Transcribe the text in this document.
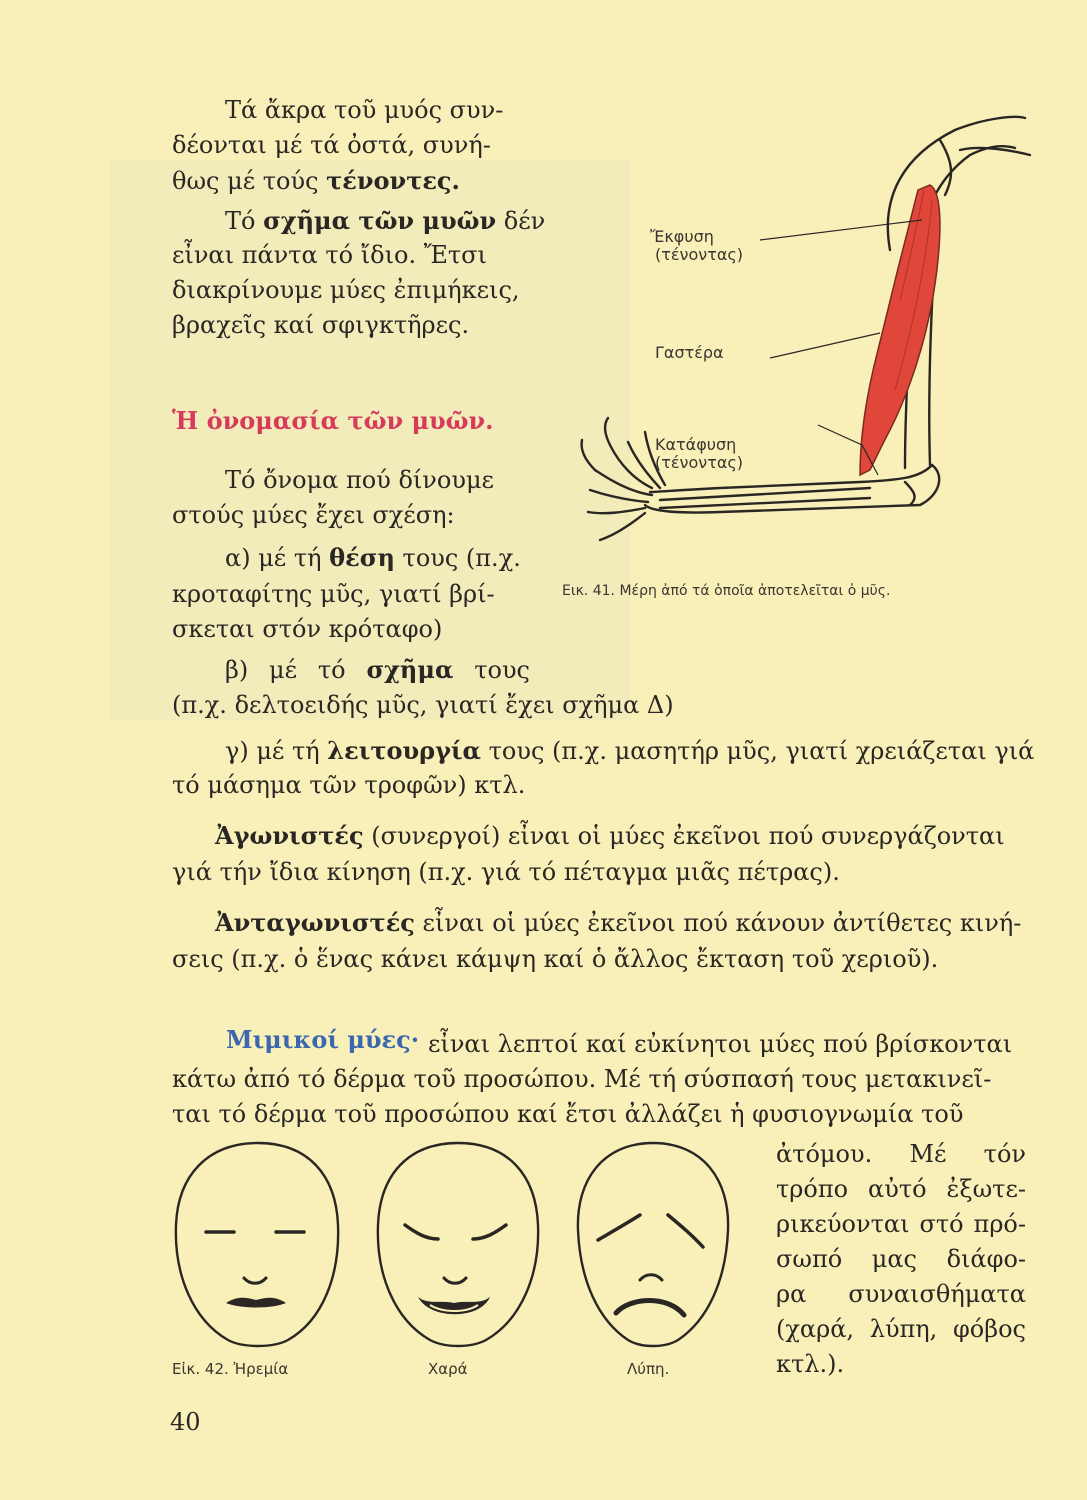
Τά ἄκρα τοῦ μυός συν-

δέονται μέ τά ὀστά, συνή-

θως μέ τούς τένοντες.

Τό σχῆμα τῶν μυῶν δέν

εἶναι πάντα τό ἴδιο. Ἔτσι

διακρίνουμε μύες ἐπιμήκεις,

βραχεῖς καί σφιγκτῆρες.

Ἡ ὀνομασία τῶν μυῶν.

Τό ὄνομα πού δίνουμε

στούς μύες ἔχει σχέση:

α) μέ τή θέση τους (π.χ.

κροταφίτης μῦς, γιατί βρί-

σκεται στόν κρόταφο)

β) μέ τό σχῆμα τους

(π.χ. δελτοειδής μῦς, γιατί ἔχει σχῆμα Δ)

γ) μέ τή λειτουργία τους (π.χ. μασητήρ μῦς, γιατί χρειάζεται γιά

τό μάσημα τῶν τροφῶν) κτλ.

Ἀγωνιστές (συνεργοί) εἶναι οἱ μύες ἐκεῖνοι πού συνεργάζονται

γιά τήν ἴδια κίνηση (π.χ. γιά τό πέταγμα μιᾶς πέτρας).

Ἀνταγωνιστές εἶναι οἱ μύες ἐκεῖνοι πού κάνουν ἀντίθετες κινή-

σεις (π.χ. ὁ ἕνας κάνει κάμψη καί ὁ ἄλλος ἔκταση τοῦ χεριοῦ).

Μιμικοί μύες· εἶναι λεπτοί καί εὐκίνητοι μύες πού βρίσκονται

κάτω ἀπό τό δέρμα τοῦ προσώπου. Μέ τή σύσπασή τους μετακινεῖ-

ται τό δέρμα τοῦ προσώπου καί ἔτσι ἀλλάζει ἡ φυσιογνωμία τοῦ

ἀτόμου. Μέ τόν

τρόπο αὐτό ἐξωτε-

ρικεύονται στό πρό-

σωπό μας διάφο-

ρα συναισθήματα

(χαρά, λύπη, φόβος

κτλ.).

Ἔκφυση
(τένοντας)
Γαστέρα
Κατάφυση
(τένοντας)
Εικ. 41. Μέρη ἀπό τά ὁποῖα ἀποτελεῖται ὁ μῦς.
Εἰκ. 42. Ἠρεμία	Χαρά	Λύπη.

40
